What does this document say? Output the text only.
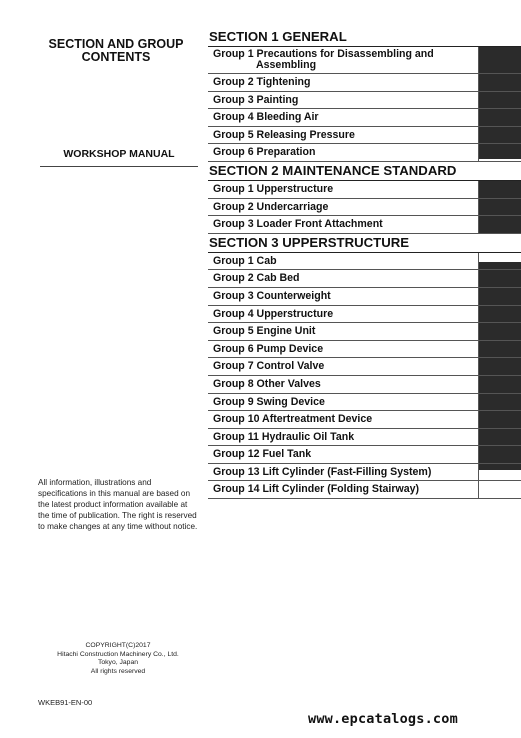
SECTION AND GROUP
CONTENTS
WORKSHOP MANUAL
All information, illustrations and specifications in this manual are based on the latest product information available at the time of publication. The right is reserved to make changes at any time without notice.
COPYRIGHT(C)2017
Hitachi Construction Machinery Co., Ltd.
Tokyo, Japan
All rights reserved
WKEB91-EN-00
SECTION 1 GENERAL
Group 1 Precautions for Disassembling and
Assembling
Group 2 Tightening
Group 3 Painting
Group 4 Bleeding Air
Group 5 Releasing Pressure
Group 6 Preparation
SECTION 2 MAINTENANCE STANDARD
Group 1 Upperstructure
Group 2 Undercarriage
Group 3 Loader Front Attachment
SECTION 3 UPPERSTRUCTURE
Group 1 Cab
Group 2 Cab Bed
Group 3 Counterweight
Group 4 Upperstructure
Group 5 Engine Unit
Group 6 Pump Device
Group 7 Control Valve
Group 8 Other Valves
Group 9 Swing Device
Group 10 Aftertreatment Device
Group 11 Hydraulic Oil Tank
Group 12 Fuel Tank
Group 13 Lift Cylinder (Fast-Filling System)
Group 14 Lift Cylinder (Folding Stairway)
www.epcatalogs.com
